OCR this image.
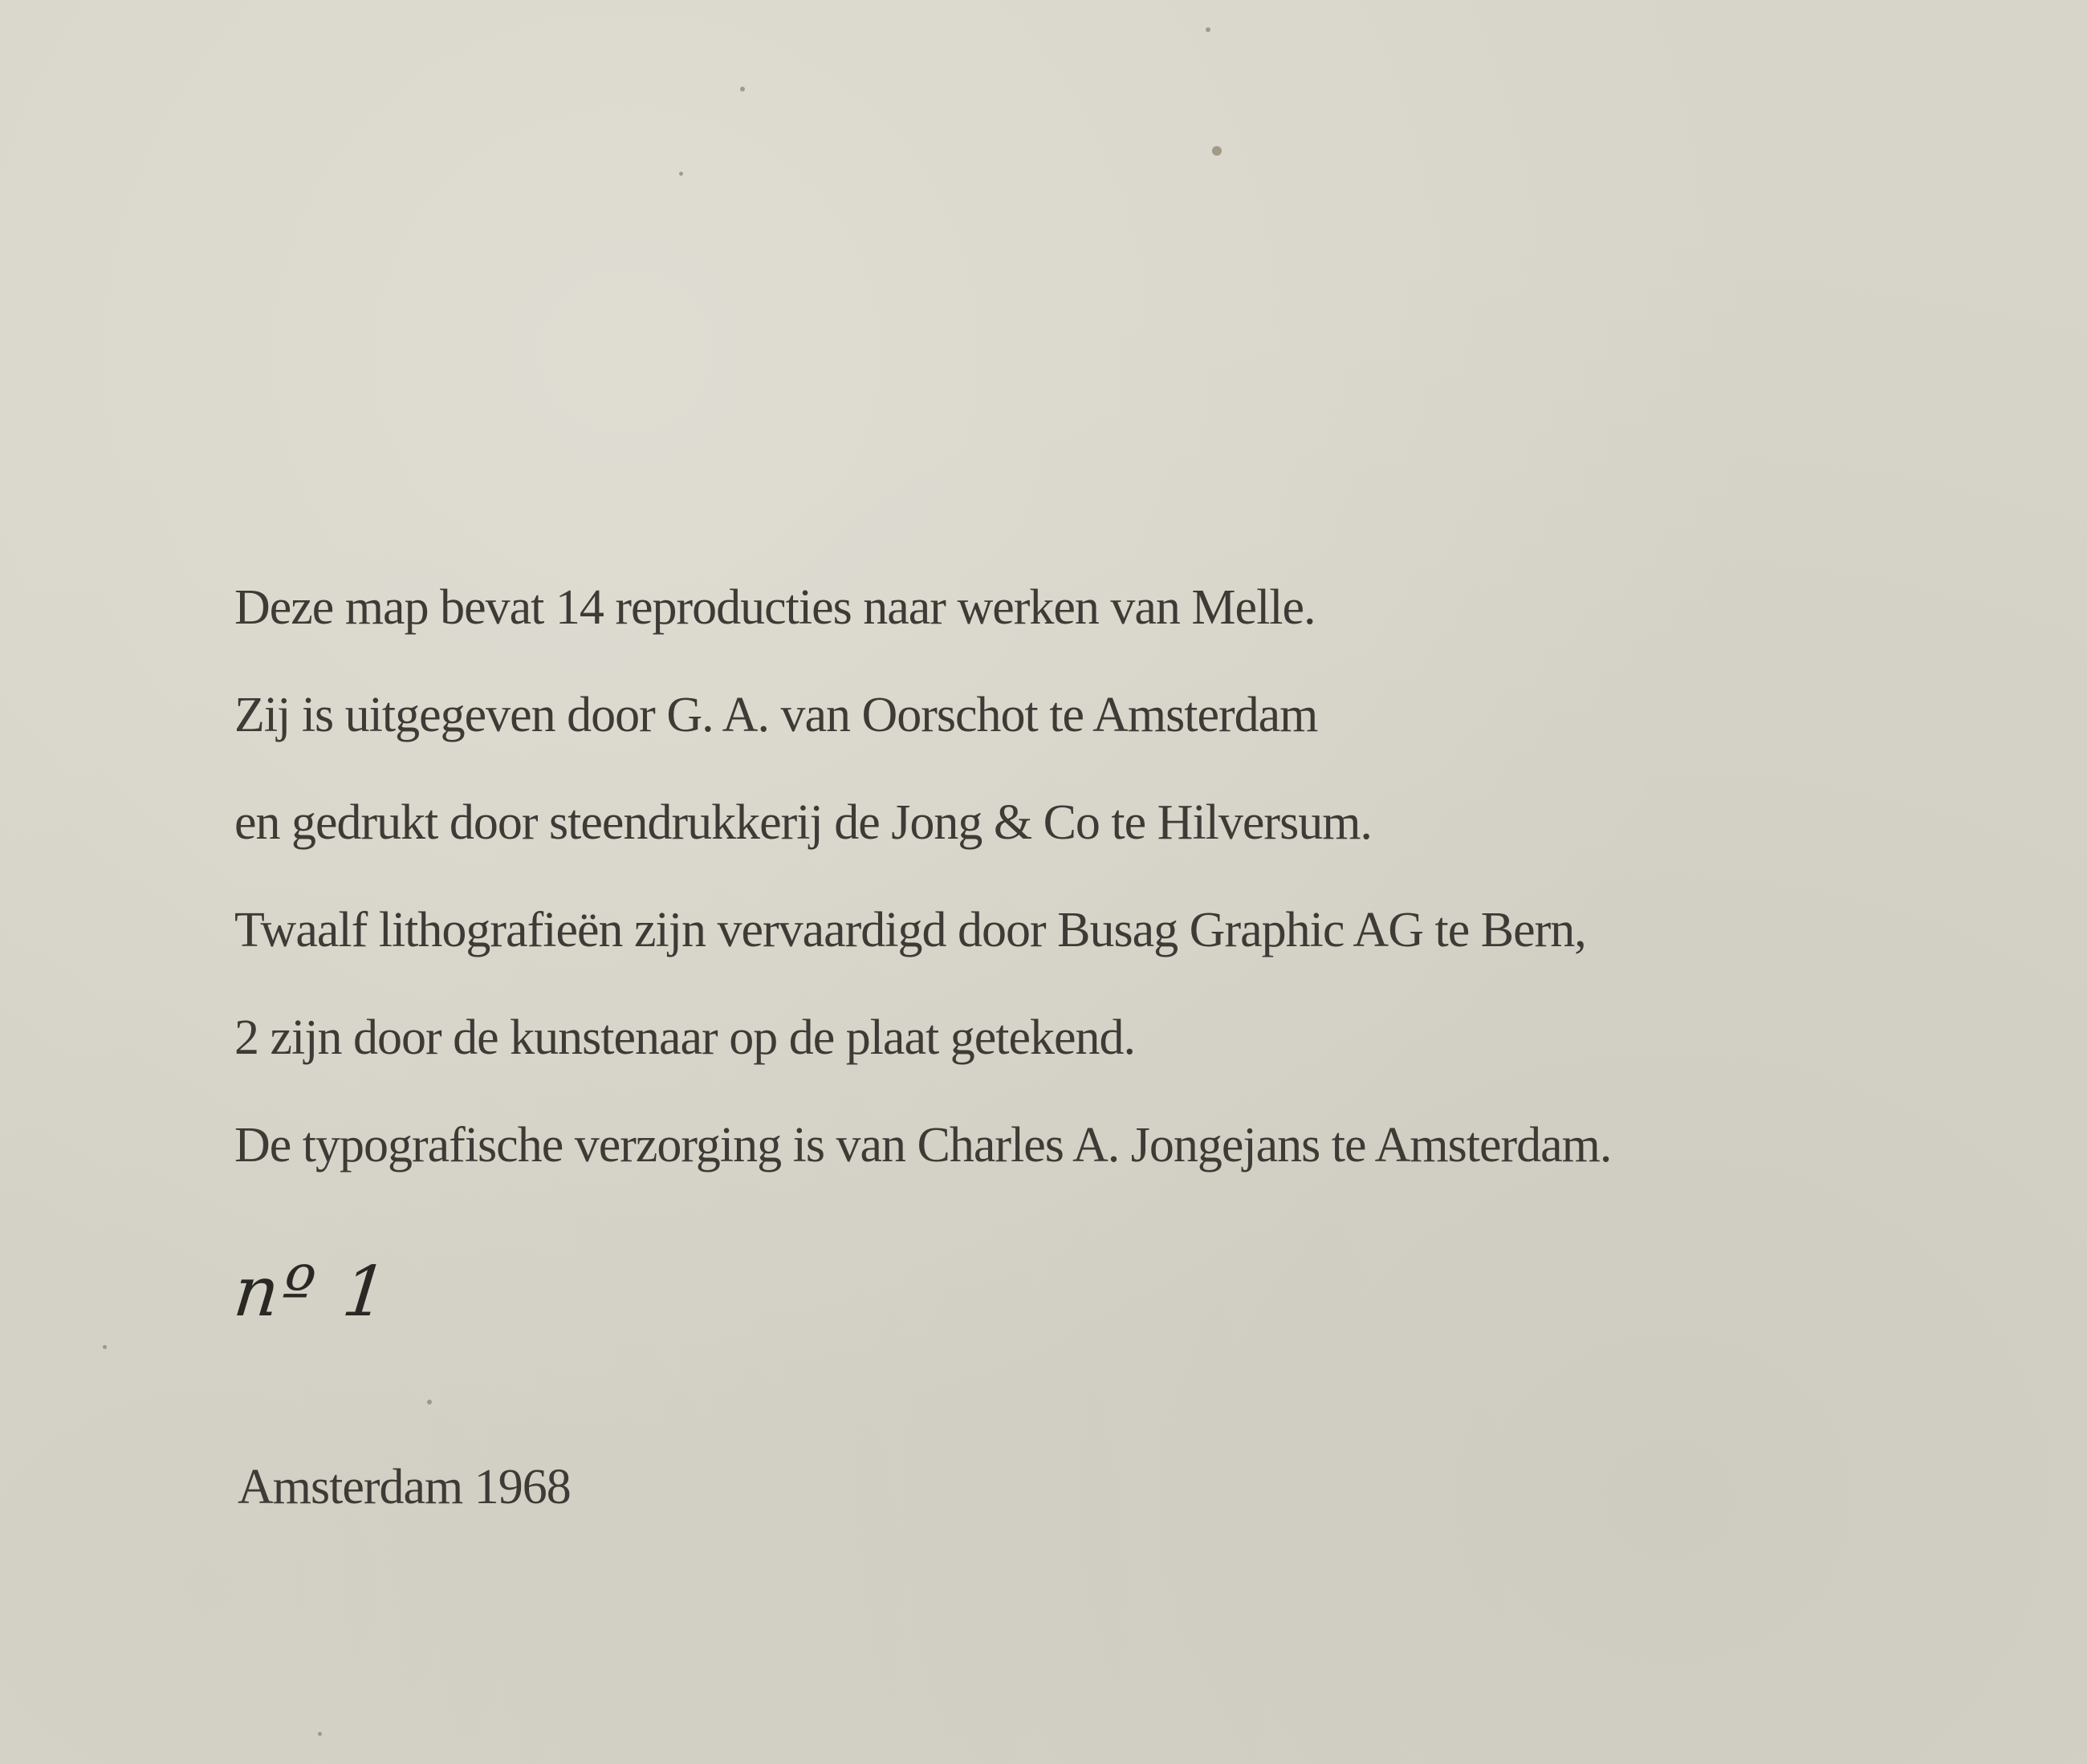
Deze map bevat 14 reproducties naar werken van Melle.

Zij is uitgegeven door G. A. van Oorschot te Amsterdam

en gedrukt door steendrukkerij de Jong & Co te Hilversum.

Twaalf lithografieën zijn vervaardigd door Busag Graphic AG te Bern,

2 zijn door de kunstenaar op de plaat getekend.

De typografische verzorging is van Charles A. Jongejans te Amsterdam.

nº 1
Amsterdam 1968
